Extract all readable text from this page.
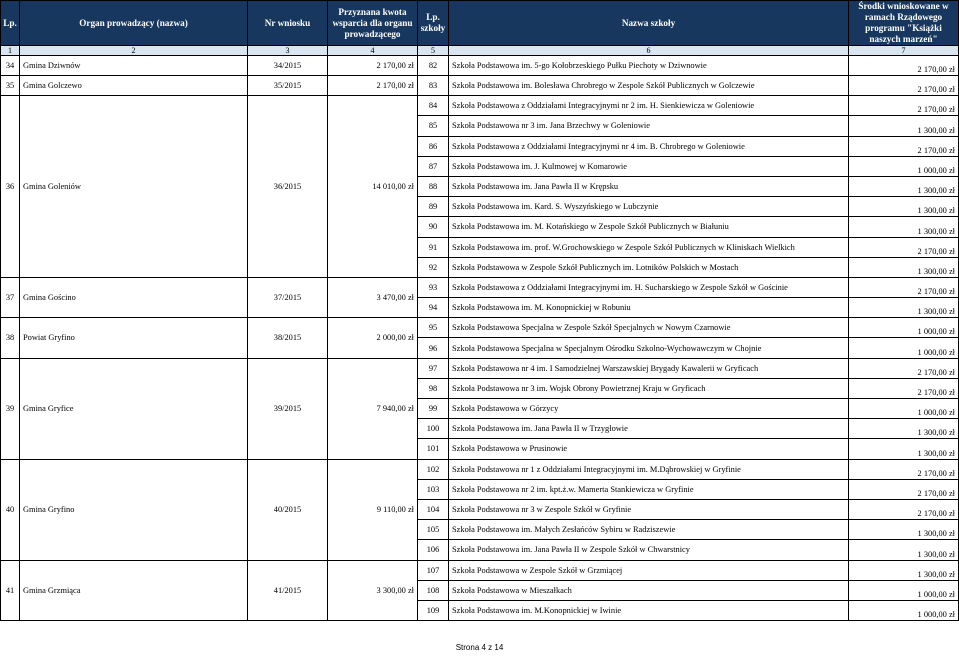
Lp.	Organ prowadzący (nazwa)	Nr wniosku	Przyznana kwota wsparcia dla organu prowadzącego	Lp. szkoły	Nazwa szkoły	Środki wnioskowane w ramach Rządowego programu "Książki naszych marzeń"
1	2	3	4	5	6	7
34	Gmina Dziwnów	34/2015	2 170,00 zł	82	Szkoła Podstawowa im. 5-go Kołobrzeskiego Pułku Piechoty w Dziwnowie	2 170,00 zł
35	Gmina Golczewo	35/2015	2 170,00 zł	83	Szkoła Podstawowa im. Bolesława Chrobrego w Zespole Szkół Publicznych w Golczewie	2 170,00 zł
36	Gmina Goleniów	36/2015	14 010,00 zł	84	Szkoła Podstawowa z Oddziałami Integracyjnymi nr 2 im. H. Sienkiewicza w Goleniowie	2 170,00 zł
				85	Szkoła Podstawowa nr 3 im. Jana Brzechwy w Goleniowie	1 300,00 zł
				86	Szkoła Podstawowa z Oddziałami Integracyjnymi nr 4 im. B. Chrobrego w Goleniowie	2 170,00 zł
				87	Szkoła Podstawowa im. J. Kulmowej w Komarowie	1 000,00 zł
				88	Szkoła Podstawowa im. Jana Pawła II w Krępsku	1 300,00 zł
				89	Szkoła Podstawowa im. Kard. S. Wyszyńskiego w Lubczynie	1 300,00 zł
				90	Szkoła Podstawowa im. M. Kotańskiego w Zespole Szkół Publicznych w Białuniu	1 300,00 zł
				91	Szkoła Podstawowa im. prof. W.Grochowskiego w Zespole Szkół Publicznych w Kliniskach Wielkich	2 170,00 zł
				92	Szkoła Podstawowa w Zespole Szkół Publicznych im. Lotników Polskich w Mostach	1 300,00 zł
37	Gmina Gościno	37/2015	3 470,00 zł	93	Szkoła Podstawowa z Oddziałami Integracyjnymi im. H. Sucharskiego w Zespole Szkół w Gościnie	2 170,00 zł
				94	Szkoła Podstawowa im. M. Konopnickiej w Robuniu	1 300,00 zł
38	Powiat Gryfino	38/2015	2 000,00 zł	95	Szkoła Podstawowa Specjalna w Zespole Szkół Specjalnych w Nowym Czarnowie	1 000,00 zł
				96	Szkoła Podstawowa Specjalna w Specjalnym Ośrodku Szkolno-Wychowawczym w Chojnie	1 000,00 zł
39	Gmina Gryfice	39/2015	7 940,00 zł	97	Szkoła Podstawowa nr 4 im. I Samodzielnej Warszawskiej Brygady Kawalerii w Gryficach	2 170,00 zł
				98	Szkoła Podstawowa nr 3 im. Wojsk Obrony Powietrznej Kraju w Gryficach	2 170,00 zł
				99	Szkoła Podstawowa w Górzycy	1 000,00 zł
				100	Szkoła Podstawowa im. Jana Pawła II w Trzygłowie	1 300,00 zł
				101	Szkoła Podstawowa w Prusinowie	1 300,00 zł
40	Gmina Gryfino	40/2015	9 110,00 zł	102	Szkoła Podstawowa nr 1 z Oddziałami Integracyjnymi im. M.Dąbrowskiej w Gryfinie	2 170,00 zł
				103	Szkoła Podstawowa nr 2 im. kpt.ż.w. Mamerta Stankiewicza w Gryfinie	2 170,00 zł
				104	Szkoła Podstawowa nr 3 w Zespole Szkół w Gryfinie	2 170,00 zł
				105	Szkoła Podstawowa im. Małych Zesłańców Sybiru w Radziszewie	1 300,00 zł
				106	Szkoła Podstawowa im. Jana Pawła II w Zespole Szkół w Chwarstnicy	1 300,00 zł
41	Gmina Grzmiąca	41/2015	3 300,00 zł	107	Szkoła Podstawowa w Zespole Szkół w Grzmiącej	1 300,00 zł
				108	Szkoła Podstawowa w Mieszałkach	1 000,00 zł
				109	Szkoła Podstawowa im. M.Konopnickiej w Iwinie	1 000,00 zł
Strona 4 z 14
